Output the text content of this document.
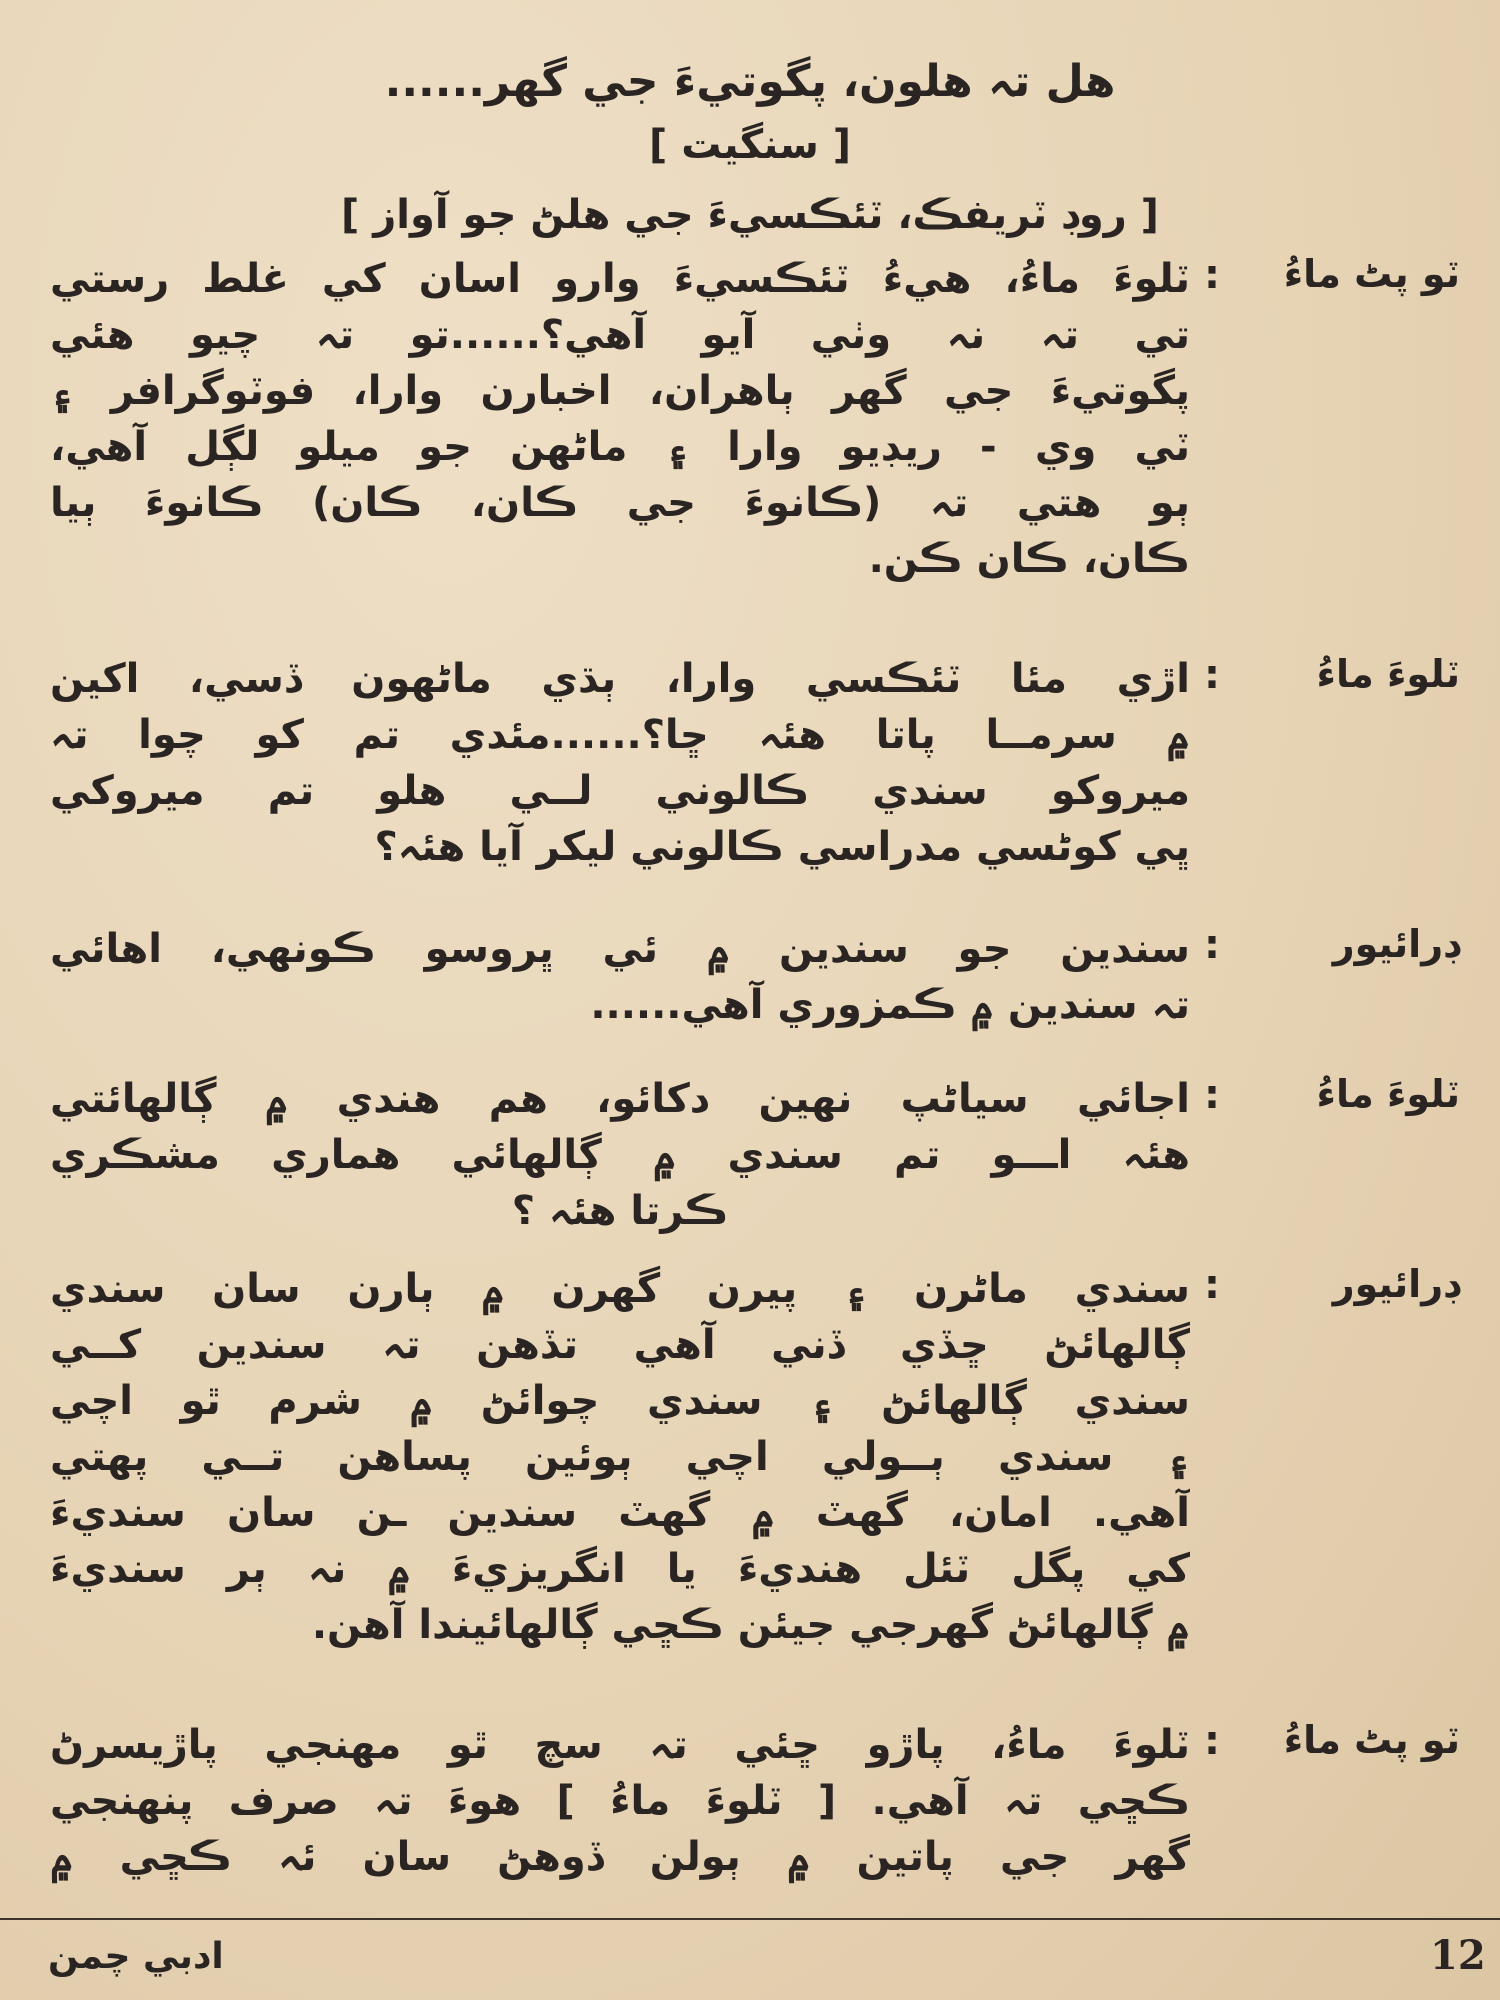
ھل تہ ھلون، پگوتيءَ جي گھر......
[ سنگيت ]
[ روڊ ٽريفڪ، ٽئڪسيءَ جي ھلڻ جو آواز ]
ٽو پٹ ماءُ
:
ٽلوءَ ماءُ، ھيءُ ٽئڪسيءَ وارو اسان کي غلط رستي
تي تہ نہ وٺي آيو آھي؟......تو تہ چيو ھئي
پگوتيءَ جي گھر ٻاھران، اخبارن وارا، فوٽوگرافر ۽
ٽي وي - ريڊيو وارا ۽ ماڻھن جو ميلو لڳل آھي،
ٻو ھتي تہ (ڪانوءَ جي ڪان، ڪان) ڪانوءَ ٻيا
ڪان، ڪان ڪن.
ٽلوءَ ماءُ
:
اڙي مئا ٽئڪسي وارا، ٻڌي ماڻھون ڏسي، اکين
۾ سرمــا پاتا ھئہ ڇا؟......مئدي تم کو چوا تہ
ميروکو سندي ڪالوني لــي ھلو تم ميروکي
ڀي کوڻسي مدراسي ڪالوني ليکر آيا ھئہ؟
ڊرائيور
:
سندين جو سندين ۾ ئي ڀروسو ڪونھي، اھائي
تہ سندين ۾ ڪمزوري آھي......
ٽلوءَ ماءُ
:
اجائي سياڻپ نھين دکائو، ھم ھندي ۾ ڳالھائتي
ھئہ اـــو تم سندي ۾ ڳالھائي ھماري مشڪري
ڪرتا ھئہ ؟
ڊرائيور
:
سندي ماڻرن ۽ پيرن گھرن ۾ ٻارن سان سندي
ڳالھائڻ ڇڏي ڏني آھي تڏھن تہ سندين کــي
سندي ڳالھائڻ ۽ سندي چوائڻ ۾ شرم ٿو اچي
۽ سندي ٻــولي اچي ٻوئين پساھن تــي پھتي
آھي. امان، گھٽ ۾ گھٽ سندين ـن سان سنديءَ
کي پگل ٽئل ھنديءَ يا انگريزيءَ ۾ نہ ٻر سنديءَ
۾ ڳالھائڻ گھرجي جيئن ڪڇي ڳالھائيندا آھن.
ٽو پٹ ماءُ
:
ٽلوءَ ماءُ، پاڙو ڇئي تہ سچ ٿو مھنجي پاڙيسرڻ
ڪڇي تہ آھي. [ ٽلوءَ ماءُ ] ھوءَ تہ صرف پنھنجي
گھر جي پاتين ۾ ٻولن ڏوھڻ سان ئہ ڪڇي ۾
ادبي چمن	12
